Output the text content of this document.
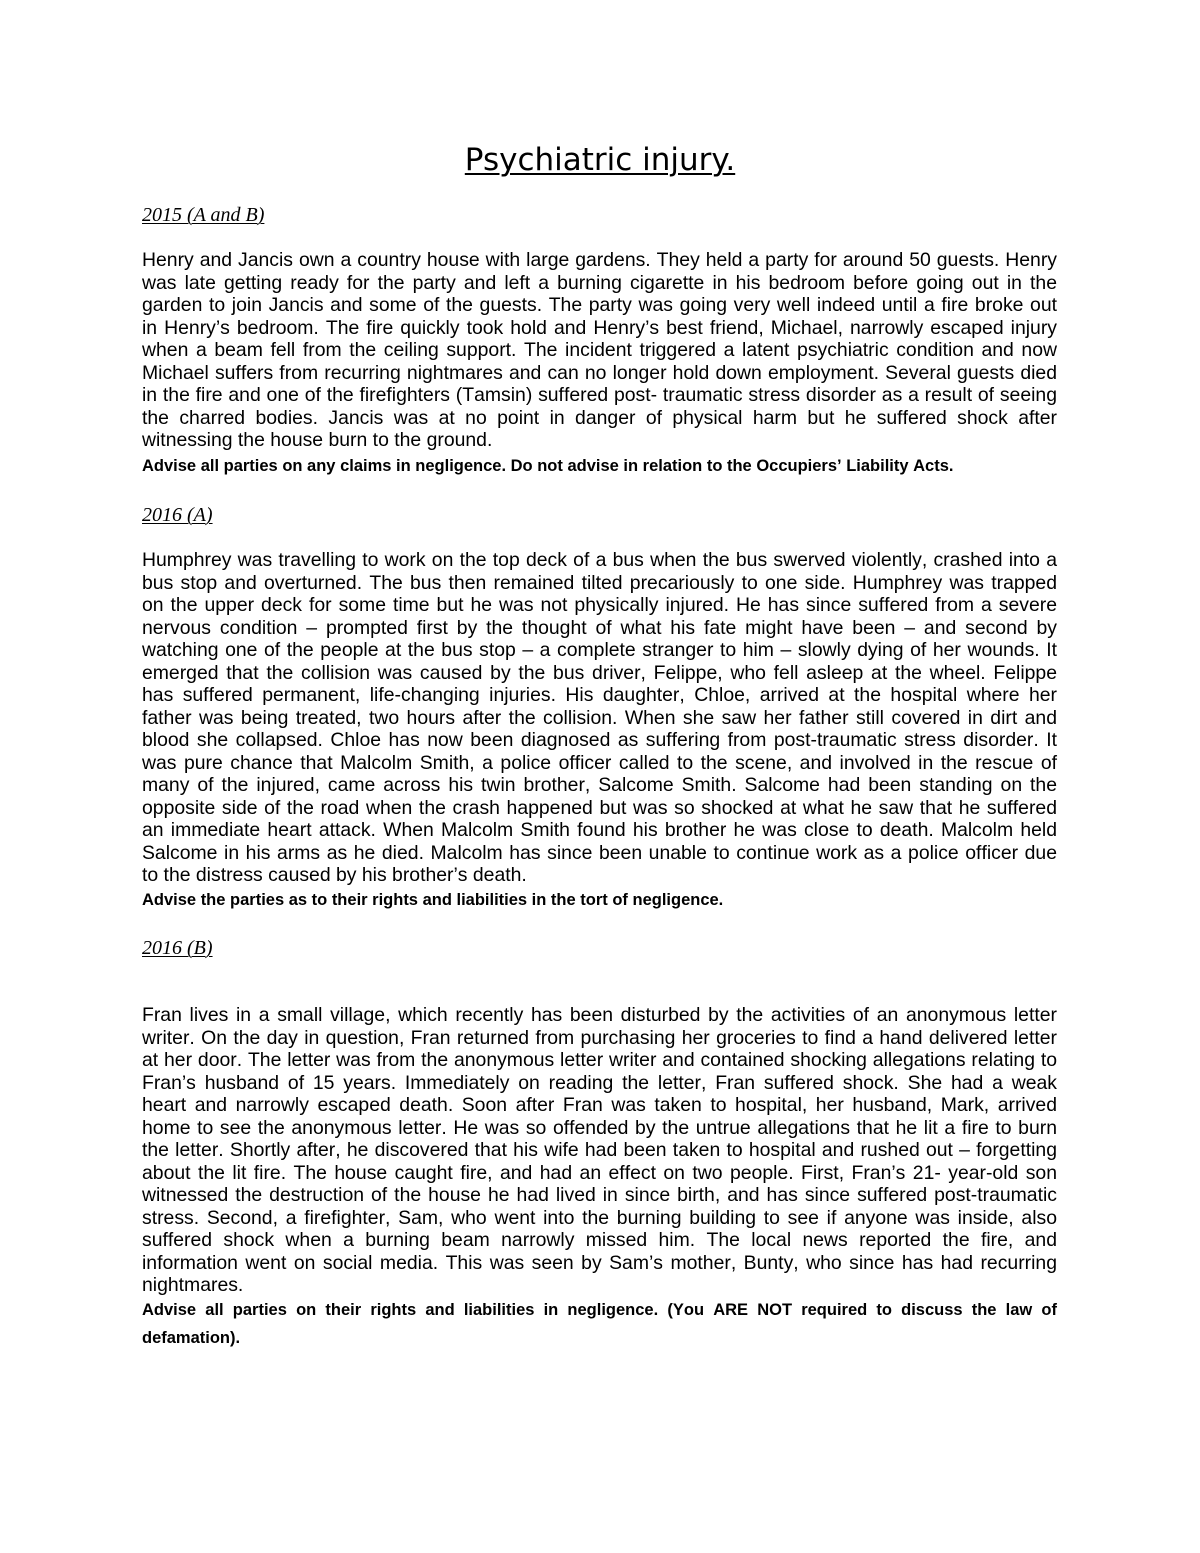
Psychiatric injury.
2015 (A and B)
Henry and Jancis own a country house with large gardens. They held a party for around 50 guests. Henry
was late getting ready for the party and left a burning cigarette in his bedroom before going out in the
garden to join Jancis and some of the guests. The party was going very well indeed until a fire broke out
in Henry’s bedroom. The fire quickly took hold and Henry’s best friend, Michael, narrowly escaped injury
when a beam fell from the ceiling support. The incident triggered a latent psychiatric condition and now
Michael suffers from recurring nightmares and can no longer hold down employment. Several guests died
in the fire and one of the firefighters (Tamsin) suffered post- traumatic stress disorder as a result of seeing
the charred bodies. Jancis was at no point in danger of physical harm but he suffered shock after
witnessing the house burn to the ground.
Advise all parties on any claims in negligence. Do not advise in relation to the Occupiers’ Liability Acts.
2016 (A)
Humphrey was travelling to work on the top deck of a bus when the bus swerved violently, crashed into a
bus stop and overturned. The bus then remained tilted precariously to one side. Humphrey was trapped
on the upper deck for some time but he was not physically injured. He has since suffered from a severe
nervous condition – prompted first by the thought of what his fate might have been – and second by
watching one of the people at the bus stop – a complete stranger to him – slowly dying of her wounds. It
emerged that the collision was caused by the bus driver, Felippe, who fell asleep at the wheel. Felippe
has suffered permanent, life-changing injuries. His daughter, Chloe, arrived at the hospital where her
father was being treated, two hours after the collision. When she saw her father still covered in dirt and
blood she collapsed. Chloe has now been diagnosed as suffering from post-traumatic stress disorder. It
was pure chance that Malcolm Smith, a police officer called to the scene, and involved in the rescue of
many of the injured, came across his twin brother, Salcome Smith. Salcome had been standing on the
opposite side of the road when the crash happened but was so shocked at what he saw that he suffered
an immediate heart attack. When Malcolm Smith found his brother he was close to death. Malcolm held
Salcome in his arms as he died. Malcolm has since been unable to continue work as a police officer due
to the distress caused by his brother’s death.
Advise the parties as to their rights and liabilities in the tort of negligence.
2016 (B)
Fran lives in a small village, which recently has been disturbed by the activities of an anonymous letter
writer. On the day in question, Fran returned from purchasing her groceries to find a hand delivered letter
at her door. The letter was from the anonymous letter writer and contained shocking allegations relating to
Fran’s husband of 15 years. Immediately on reading the letter, Fran suffered shock. She had a weak
heart and narrowly escaped death. Soon after Fran was taken to hospital, her husband, Mark, arrived
home to see the anonymous letter. He was so offended by the untrue allegations that he lit a fire to burn
the letter. Shortly after, he discovered that his wife had been taken to hospital and rushed out – forgetting
about the lit fire. The house caught fire, and had an effect on two people. First, Fran’s 21- year-old son
witnessed the destruction of the house he had lived in since birth, and has since suffered post-traumatic
stress. Second, a firefighter, Sam, who went into the burning building to see if anyone was inside, also
suffered shock when a burning beam narrowly missed him. The local news reported the fire, and
information went on social media. This was seen by Sam’s mother, Bunty, who since has had recurring
nightmares.
Advise all parties on their rights and liabilities in negligence. (You ARE NOT required to discuss the law of
defamation).
